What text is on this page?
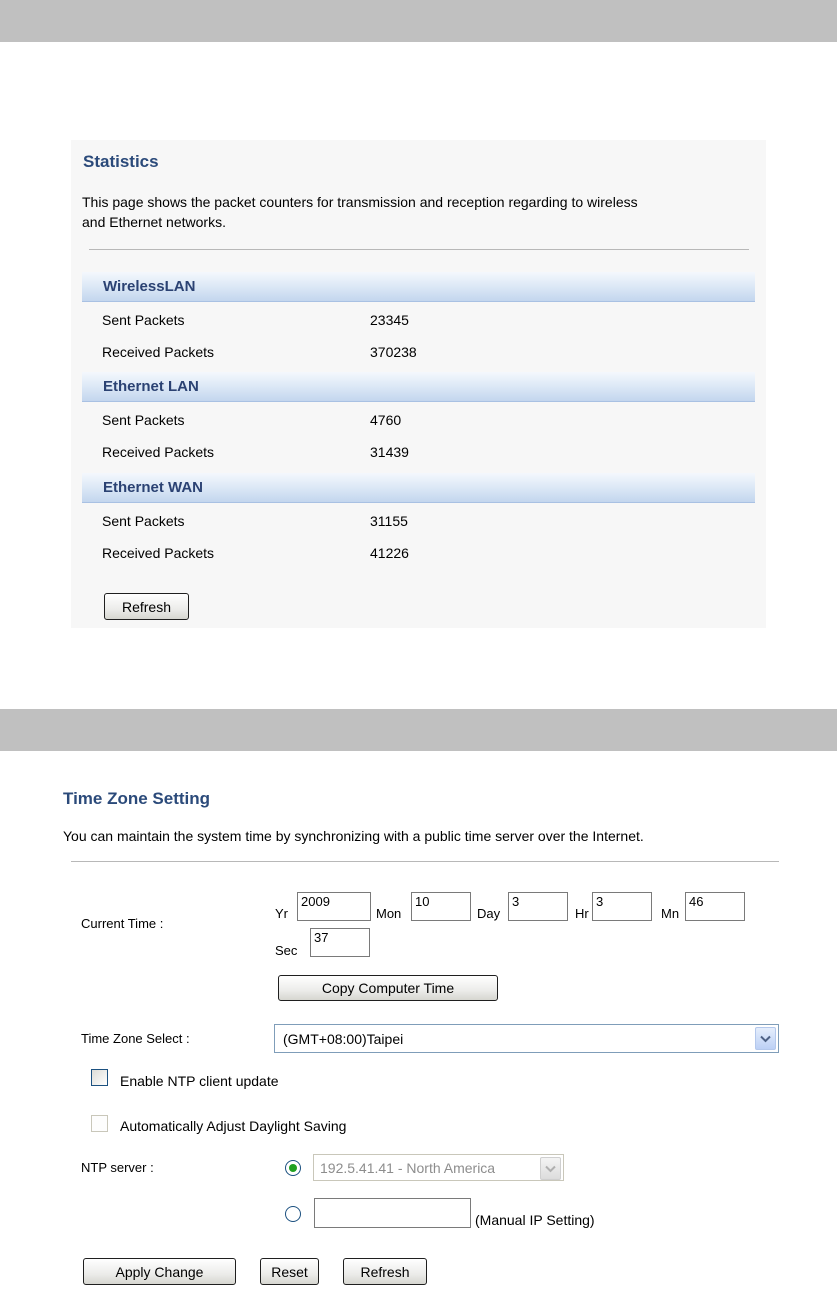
Statistics
This page shows the packet counters for transmission and reception regarding to wireless
and Ethernet networks.
WirelessLAN
Sent Packets	23345
Received Packets	370238
Ethernet LAN
Sent Packets	4760
Received Packets	31439
Ethernet WAN
Sent Packets	31155
Received Packets	41226
Refresh
Time Zone Setting
You can maintain the system time by synchronizing with a public time server over the Internet.
Current Time :
Yr
2009
Mon
10
Day
3
Hr
3
Mn
46
Sec
37
Copy Computer Time
Time Zone Select :	(GMT+08:00)Taipei
Enable NTP client update
Automatically Adjust Daylight Saving
NTP server :	192.5.41.41 - North America
(Manual IP Setting)
Apply Change	Reset	Refresh
